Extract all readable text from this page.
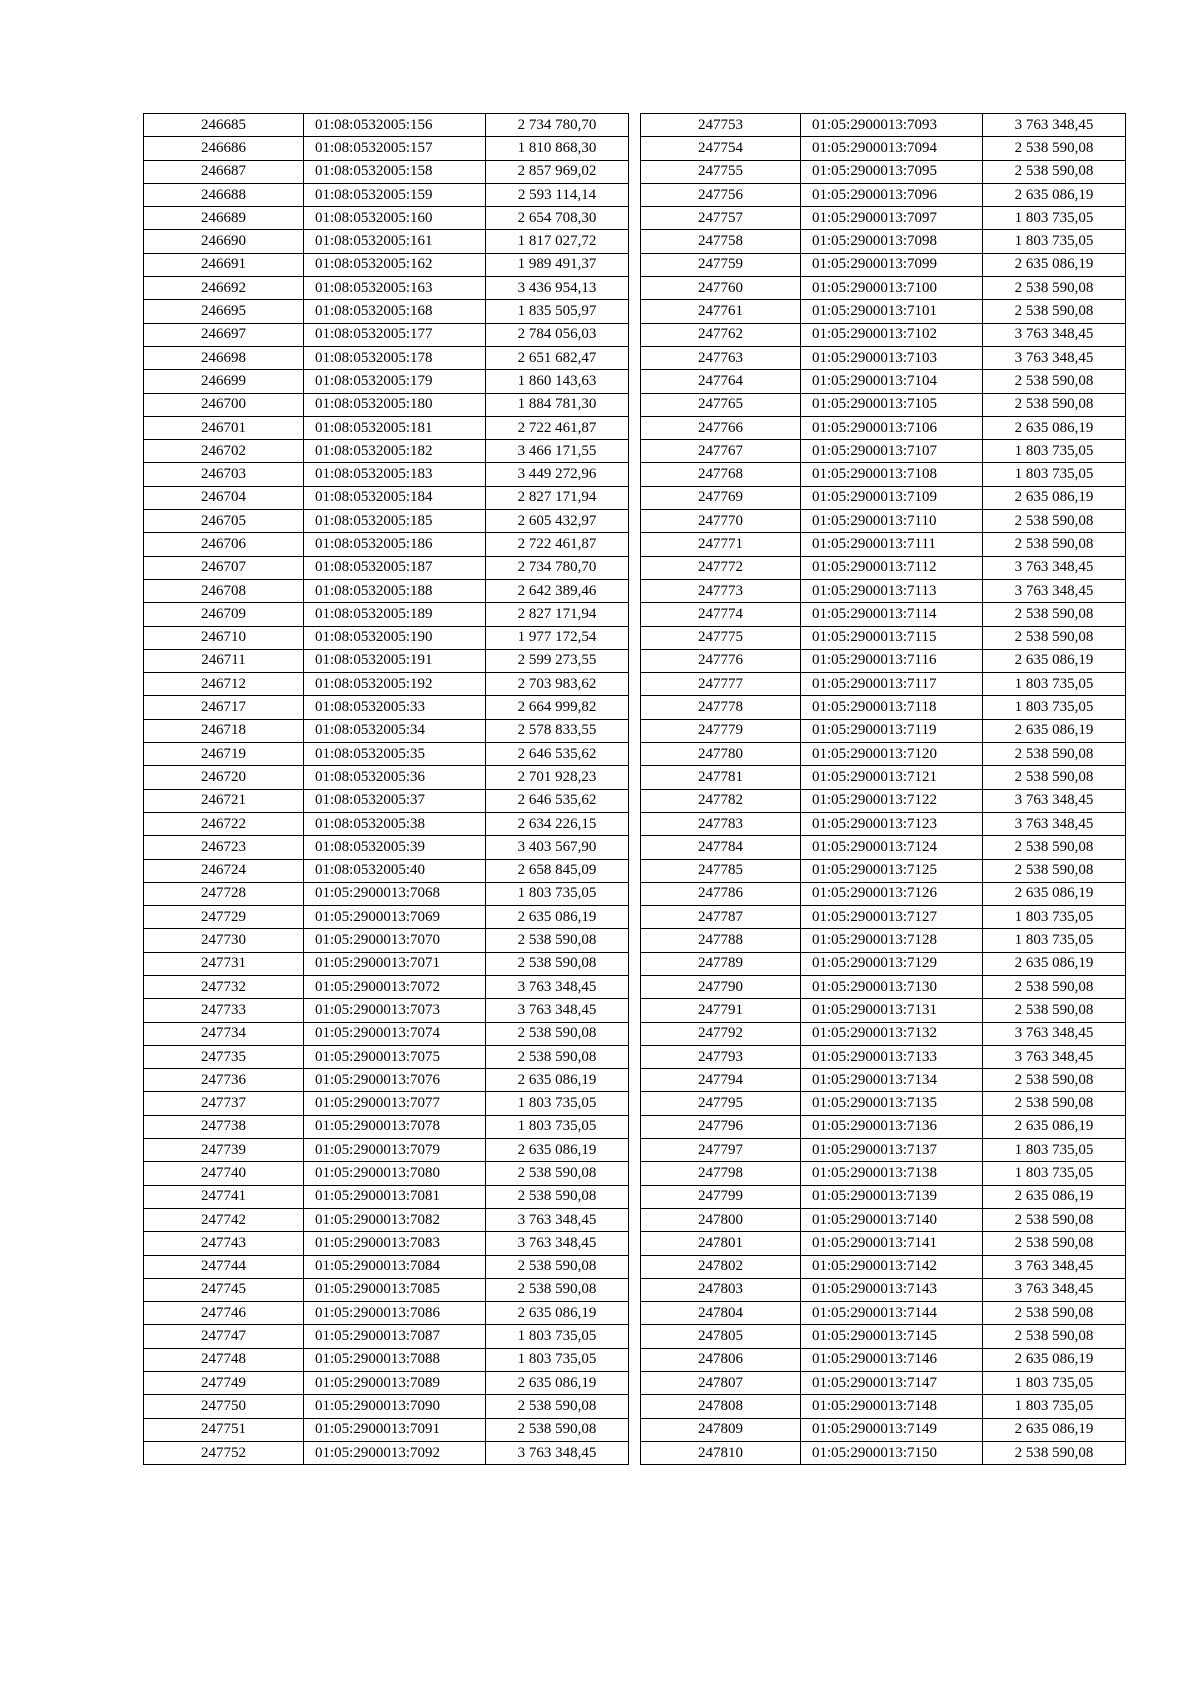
246685	01:08:0532005:156	2 734 780,70
246686	01:08:0532005:157	1 810 868,30
246687	01:08:0532005:158	2 857 969,02
246688	01:08:0532005:159	2 593 114,14
246689	01:08:0532005:160	2 654 708,30
246690	01:08:0532005:161	1 817 027,72
246691	01:08:0532005:162	1 989 491,37
246692	01:08:0532005:163	3 436 954,13
246695	01:08:0532005:168	1 835 505,97
246697	01:08:0532005:177	2 784 056,03
246698	01:08:0532005:178	2 651 682,47
246699	01:08:0532005:179	1 860 143,63
246700	01:08:0532005:180	1 884 781,30
246701	01:08:0532005:181	2 722 461,87
246702	01:08:0532005:182	3 466 171,55
246703	01:08:0532005:183	3 449 272,96
246704	01:08:0532005:184	2 827 171,94
246705	01:08:0532005:185	2 605 432,97
246706	01:08:0532005:186	2 722 461,87
246707	01:08:0532005:187	2 734 780,70
246708	01:08:0532005:188	2 642 389,46
246709	01:08:0532005:189	2 827 171,94
246710	01:08:0532005:190	1 977 172,54
246711	01:08:0532005:191	2 599 273,55
246712	01:08:0532005:192	2 703 983,62
246717	01:08:0532005:33	2 664 999,82
246718	01:08:0532005:34	2 578 833,55
246719	01:08:0532005:35	2 646 535,62
246720	01:08:0532005:36	2 701 928,23
246721	01:08:0532005:37	2 646 535,62
246722	01:08:0532005:38	2 634 226,15
246723	01:08:0532005:39	3 403 567,90
246724	01:08:0532005:40	2 658 845,09
247728	01:05:2900013:7068	1 803 735,05
247729	01:05:2900013:7069	2 635 086,19
247730	01:05:2900013:7070	2 538 590,08
247731	01:05:2900013:7071	2 538 590,08
247732	01:05:2900013:7072	3 763 348,45
247733	01:05:2900013:7073	3 763 348,45
247734	01:05:2900013:7074	2 538 590,08
247735	01:05:2900013:7075	2 538 590,08
247736	01:05:2900013:7076	2 635 086,19
247737	01:05:2900013:7077	1 803 735,05
247738	01:05:2900013:7078	1 803 735,05
247739	01:05:2900013:7079	2 635 086,19
247740	01:05:2900013:7080	2 538 590,08
247741	01:05:2900013:7081	2 538 590,08
247742	01:05:2900013:7082	3 763 348,45
247743	01:05:2900013:7083	3 763 348,45
247744	01:05:2900013:7084	2 538 590,08
247745	01:05:2900013:7085	2 538 590,08
247746	01:05:2900013:7086	2 635 086,19
247747	01:05:2900013:7087	1 803 735,05
247748	01:05:2900013:7088	1 803 735,05
247749	01:05:2900013:7089	2 635 086,19
247750	01:05:2900013:7090	2 538 590,08
247751	01:05:2900013:7091	2 538 590,08
247752	01:05:2900013:7092	3 763 348,45
247753	01:05:2900013:7093	3 763 348,45
247754	01:05:2900013:7094	2 538 590,08
247755	01:05:2900013:7095	2 538 590,08
247756	01:05:2900013:7096	2 635 086,19
247757	01:05:2900013:7097	1 803 735,05
247758	01:05:2900013:7098	1 803 735,05
247759	01:05:2900013:7099	2 635 086,19
247760	01:05:2900013:7100	2 538 590,08
247761	01:05:2900013:7101	2 538 590,08
247762	01:05:2900013:7102	3 763 348,45
247763	01:05:2900013:7103	3 763 348,45
247764	01:05:2900013:7104	2 538 590,08
247765	01:05:2900013:7105	2 538 590,08
247766	01:05:2900013:7106	2 635 086,19
247767	01:05:2900013:7107	1 803 735,05
247768	01:05:2900013:7108	1 803 735,05
247769	01:05:2900013:7109	2 635 086,19
247770	01:05:2900013:7110	2 538 590,08
247771	01:05:2900013:7111	2 538 590,08
247772	01:05:2900013:7112	3 763 348,45
247773	01:05:2900013:7113	3 763 348,45
247774	01:05:2900013:7114	2 538 590,08
247775	01:05:2900013:7115	2 538 590,08
247776	01:05:2900013:7116	2 635 086,19
247777	01:05:2900013:7117	1 803 735,05
247778	01:05:2900013:7118	1 803 735,05
247779	01:05:2900013:7119	2 635 086,19
247780	01:05:2900013:7120	2 538 590,08
247781	01:05:2900013:7121	2 538 590,08
247782	01:05:2900013:7122	3 763 348,45
247783	01:05:2900013:7123	3 763 348,45
247784	01:05:2900013:7124	2 538 590,08
247785	01:05:2900013:7125	2 538 590,08
247786	01:05:2900013:7126	2 635 086,19
247787	01:05:2900013:7127	1 803 735,05
247788	01:05:2900013:7128	1 803 735,05
247789	01:05:2900013:7129	2 635 086,19
247790	01:05:2900013:7130	2 538 590,08
247791	01:05:2900013:7131	2 538 590,08
247792	01:05:2900013:7132	3 763 348,45
247793	01:05:2900013:7133	3 763 348,45
247794	01:05:2900013:7134	2 538 590,08
247795	01:05:2900013:7135	2 538 590,08
247796	01:05:2900013:7136	2 635 086,19
247797	01:05:2900013:7137	1 803 735,05
247798	01:05:2900013:7138	1 803 735,05
247799	01:05:2900013:7139	2 635 086,19
247800	01:05:2900013:7140	2 538 590,08
247801	01:05:2900013:7141	2 538 590,08
247802	01:05:2900013:7142	3 763 348,45
247803	01:05:2900013:7143	3 763 348,45
247804	01:05:2900013:7144	2 538 590,08
247805	01:05:2900013:7145	2 538 590,08
247806	01:05:2900013:7146	2 635 086,19
247807	01:05:2900013:7147	1 803 735,05
247808	01:05:2900013:7148	1 803 735,05
247809	01:05:2900013:7149	2 635 086,19
247810	01:05:2900013:7150	2 538 590,08
